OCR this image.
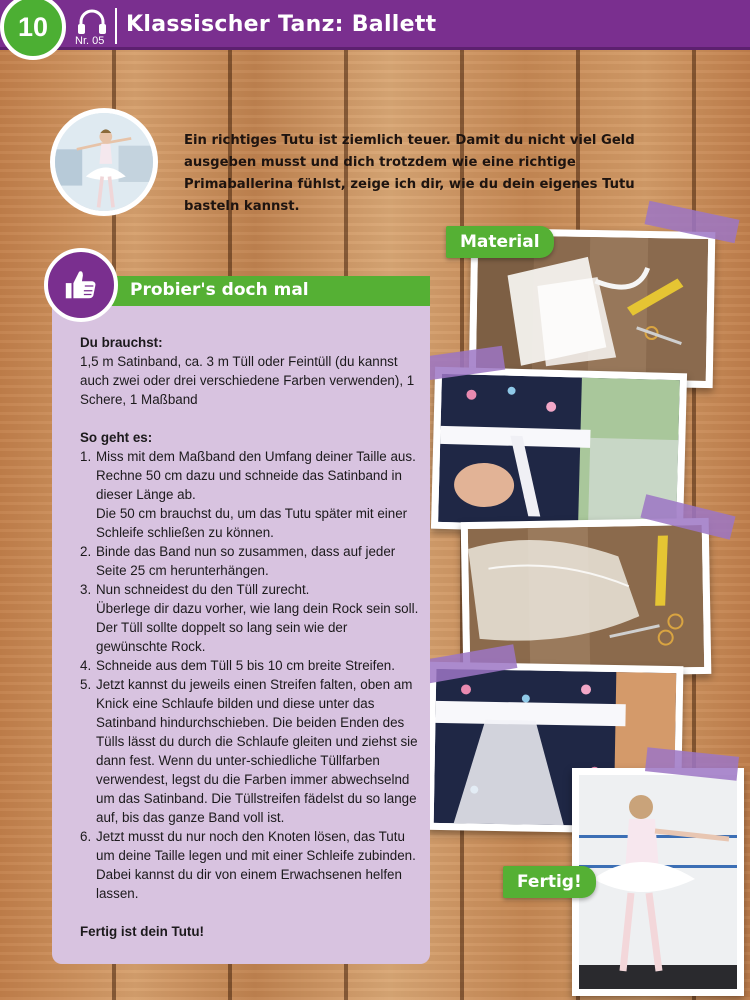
10	Nr. 05
Klassischer Tanz: Ballett
Ein richtiges Tutu ist ziemlich teuer. Damit du nicht viel Geld ausgeben musst und dich trotzdem wie eine richtige Primaballerina fühlst, zeige ich dir, wie du dein eigenes Tutu basteln kannst.
Material
Fertig!
Probier's doch mal

Du brauchst:

1,5 m Satinband, ca. 3 m Tüll oder Feintüll (du kannst auch zwei oder drei verschiedene Farben verwenden), 1 Schere, 1 Maßband

So geht es:

1. Miss mit dem Maßband den Umfang deiner Taille aus. Rechne 50 cm dazu und schneide das Satinband in dieser Länge ab.
Die 50 cm brauchst du, um das Tutu später mit einer Schleife schließen zu können.
2. Binde das Band nun so zusammen, dass auf jeder Seite 25 cm herunterhängen.
3. Nun schneidest du den Tüll zurecht.
Überlege dir dazu vorher, wie lang dein Rock sein soll. Der Tüll sollte doppelt so lang sein wie der gewünschte Rock.
4. Schneide aus dem Tüll 5 bis 10 cm breite Streifen.
5. Jetzt kannst du jeweils einen Streifen falten, oben am Knick eine Schlaufe bilden und diese unter das Satinband hindurchschieben. Die beiden Enden des Tülls lässt du durch die Schlaufe gleiten und ziehst sie dann fest. Wenn du unter-schiedliche Tüllfarben verwendest, legst du die Farben immer abwechselnd um das Satinband. Die Tüllstreifen fädelst du so lange auf, bis das ganze Band voll ist.
6. Jetzt musst du nur noch den Knoten lösen, das Tutu um deine Taille legen und mit einer Schleife zubinden. Dabei kannst du dir von einem Erwachsenen helfen lassen.

Fertig ist dein Tutu!
